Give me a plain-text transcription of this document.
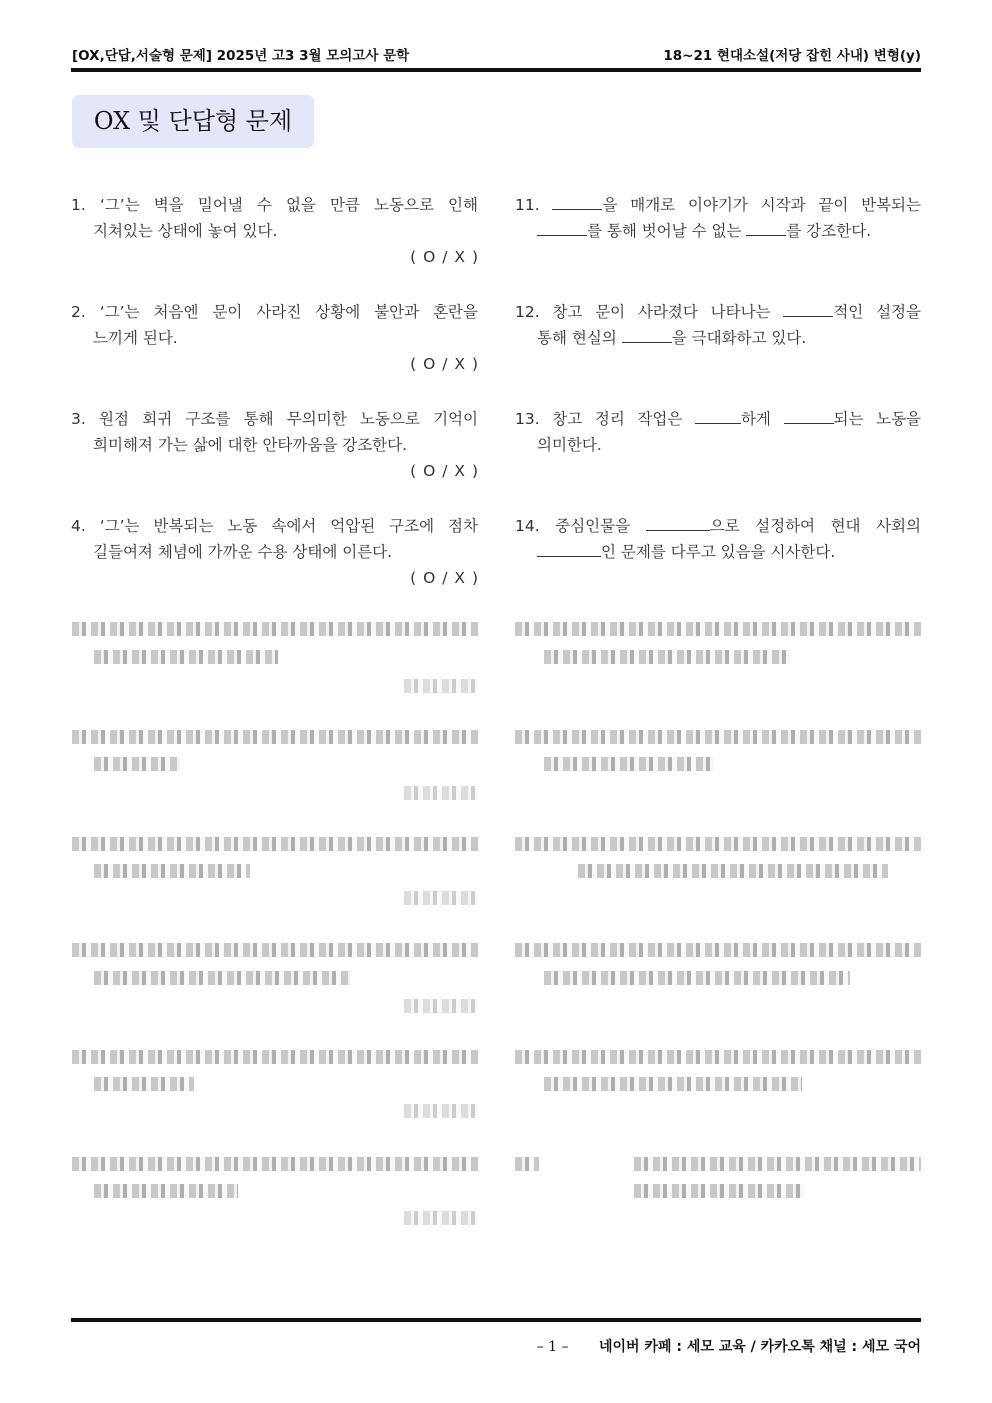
[OX,단답,서술형 문제] 2025년 고3 3월 모의고사 문학	18~21 현대소설(저당 잡힌 사내) 변형(y)
OX 및 단답형 문제
1. ‘그’는 벽을 밀어낼 수 없을 만큼 노동으로 인해
지쳐있는 상태에 놓여 있다.
( O / X )
2. ‘그’는 처음엔 문이 사라진 상황에 불안과 혼란을
느끼게 된다.
( O / X )
3. 원점 회귀 구조를 통해 무의미한 노동으로 기억이
희미해져 가는 삶에 대한 안타까움을 강조한다.
( O / X )
4. ‘그’는 반복되는 노동 속에서 억압된 구조에 점차
길들여져 체념에 가까운 수용 상태에 이른다.
( O / X )
11.	을 매개로 이야기가 시작과 끝이 반복되는
를 통해 벗어날 수 없는	를 강조한다.
12. 창고 문이 사라졌다 나타나는	적인 설정을
통해 현실의	을 극대화하고 있다.
13. 창고 정리 작업은	하게	되는 노동을
의미한다.
14. 중심인물을	으로 설정하여 현대 사회의
인 문제를 다루고 있음을 시사한다.
– 1 – 네이버 카페 : 세모 교육 / 카카오톡 채널 : 세모 국어
